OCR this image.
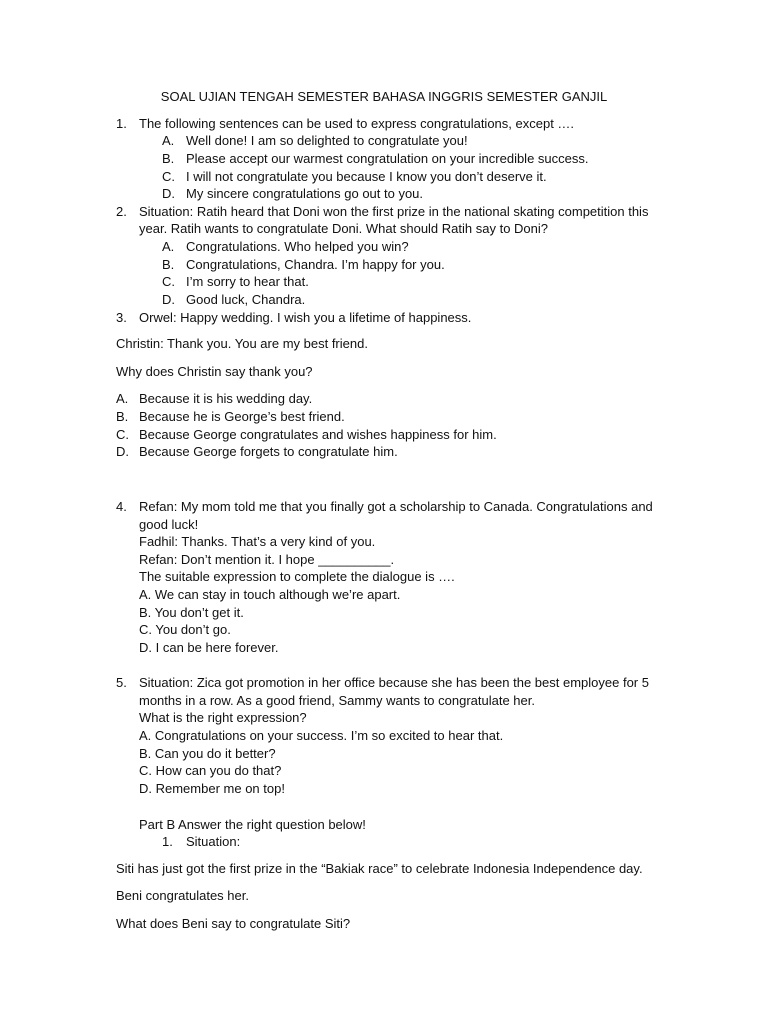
SOAL UJIAN TENGAH SEMESTER BAHASA INGGRIS SEMESTER GANJIL
1. The following sentences can be used to express congratulations, except ….
A. Well done! I am so delighted to congratulate you!
B. Please accept our warmest congratulation on your incredible success.
C. I will not congratulate you because I know you don’t deserve it.
D. My sincere congratulations go out to you.
2. Situation: Ratih heard that Doni won the first prize in the national skating competition this
year. Ratih wants to congratulate Doni. What should Ratih say to Doni?
A. Congratulations. Who helped you win?
B. Congratulations, Chandra. I’m happy for you.
C. I’m sorry to hear that.
D. Good luck, Chandra.
3. Orwel: Happy wedding. I wish you a lifetime of happiness.
Christin: Thank you. You are my best friend.
Why does Christin say thank you?
A. Because it is his wedding day.
B. Because he is George’s best friend.
C. Because George congratulates and wishes happiness for him.
D. Because George forgets to congratulate him.
4. Refan: My mom told me that you finally got a scholarship to Canada. Congratulations and
good luck!
Fadhil: Thanks. That’s a very kind of you.
Refan: Don’t mention it. I hope __________.
The suitable expression to complete the dialogue is ….
A. We can stay in touch although we’re apart.
B. You don’t get it.
C. You don’t go.
D. I can be here forever.
5. Situation: Zica got promotion in her office because she has been the best employee for 5
months in a row. As a good friend, Sammy wants to congratulate her.
What is the right expression?
A. Congratulations on your success. I’m so excited to hear that.
B. Can you do it better?
C. How can you do that?
D. Remember me on top!
Part B Answer the right question below!
1. Situation:
Siti has just got the first prize in the “Bakiak race” to celebrate Indonesia Independence day.
Beni congratulates her.
What does Beni say to congratulate Siti?
